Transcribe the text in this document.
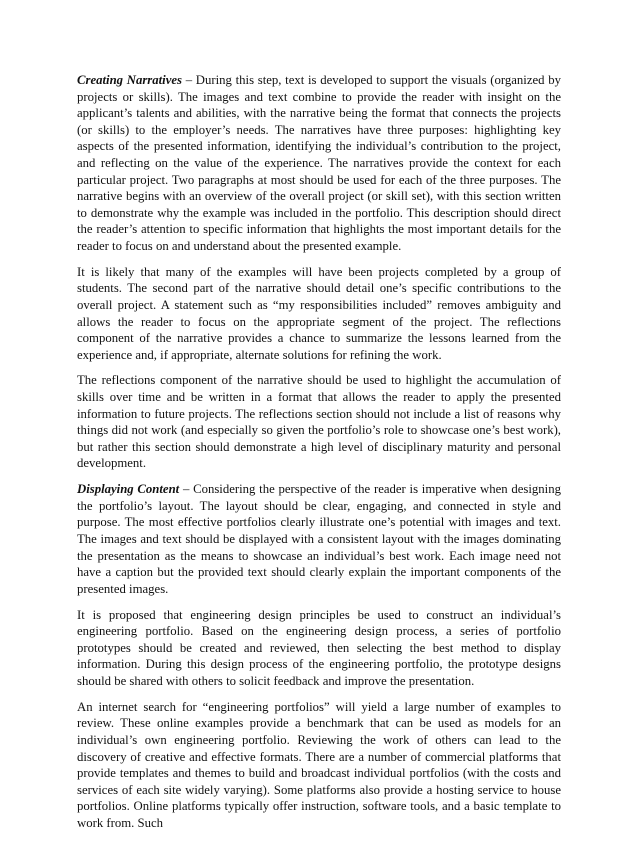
Creating Narratives – During this step, text is developed to support the visuals (organized by projects or skills). The images and text combine to provide the reader with insight on the applicant’s talents and abilities, with the narrative being the format that connects the projects (or skills) to the employer’s needs. The narratives have three purposes: highlighting key aspects of the presented information, identifying the individual’s contribution to the project, and reflecting on the value of the experience. The narratives provide the context for each particular project. Two paragraphs at most should be used for each of the three purposes. The narrative begins with an overview of the overall project (or skill set), with this section written to demonstrate why the example was included in the portfolio. This description should direct the reader’s attention to specific information that highlights the most important details for the reader to focus on and understand about the presented example.

It is likely that many of the examples will have been projects completed by a group of students. The second part of the narrative should detail one’s specific contributions to the overall project. A statement such as “my responsibilities included” removes ambiguity and allows the reader to focus on the appropriate segment of the project. The reflections component of the narrative provides a chance to summarize the lessons learned from the experience and, if appropriate, alternate solutions for refining the work.

The reflections component of the narrative should be used to highlight the accumulation of skills over time and be written in a format that allows the reader to apply the presented information to future projects. The reflections section should not include a list of reasons why things did not work (and especially so given the portfolio’s role to showcase one’s best work), but rather this section should demonstrate a high level of disciplinary maturity and personal development.

Displaying Content – Considering the perspective of the reader is imperative when designing the portfolio’s layout. The layout should be clear, engaging, and connected in style and purpose. The most effective portfolios clearly illustrate one’s potential with images and text. The images and text should be displayed with a consistent layout with the images dominating the presentation as the means to showcase an individual’s best work. Each image need not have a caption but the provided text should clearly explain the important components of the presented images.

It is proposed that engineering design principles be used to construct an individual’s engineering portfolio. Based on the engineering design process, a series of portfolio prototypes should be created and reviewed, then selecting the best method to display information. During this design process of the engineering portfolio, the prototype designs should be shared with others to solicit feedback and improve the presentation.

An internet search for “engineering portfolios” will yield a large number of examples to review. These online examples provide a benchmark that can be used as models for an individual’s own engineering portfolio. Reviewing the work of others can lead to the discovery of creative and effective formats. There are a number of commercial platforms that provide templates and themes to build and broadcast individual portfolios (with the costs and services of each site widely varying). Some platforms also provide a hosting service to house portfolios. Online platforms typically offer instruction, software tools, and a basic template to work from. Such
